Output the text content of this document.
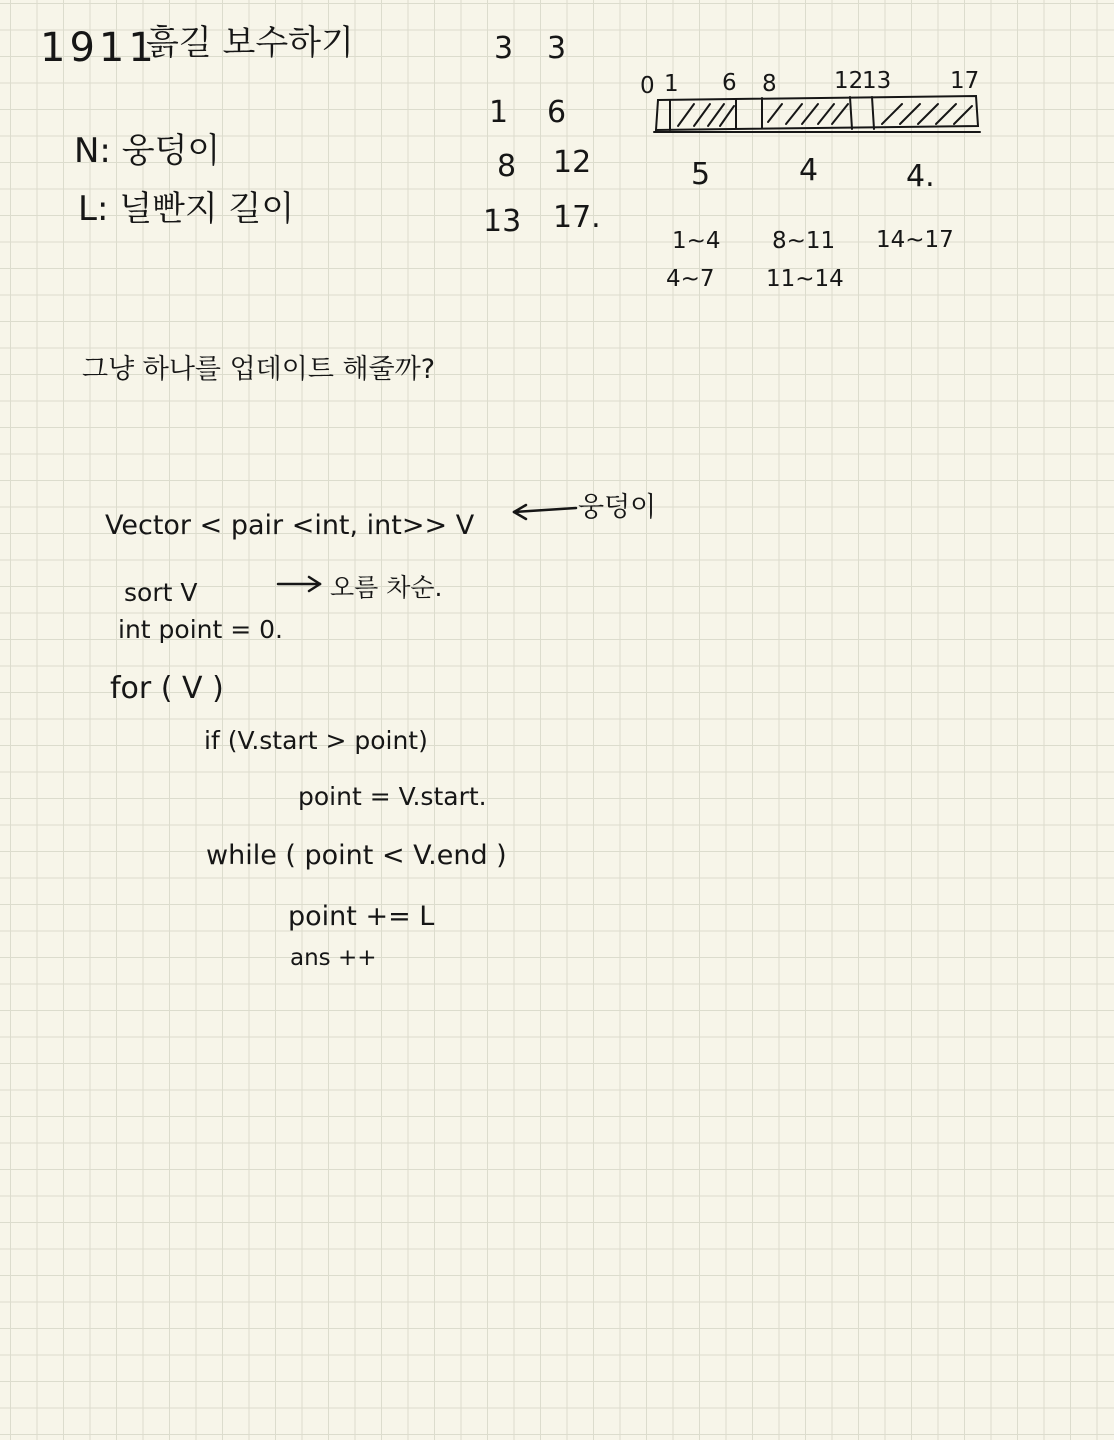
1911
흙길 보수하기
N: 웅덩이
L: 널빤지 길이
3 3
1 6
8 12
13 17.
0 1 6 8 12
13	17
5	4	4.
1~4 8~11 14~17
4~7 11~14
그냥 하나를 업데이트 해줄까?
Vector < pair <int, int>> V
웅덩이
sort V	오름 차순.
int point = 0.
for ( V )
if (V.start > point)
point = V.start.
while ( point < V.end )
point += L
ans ++
